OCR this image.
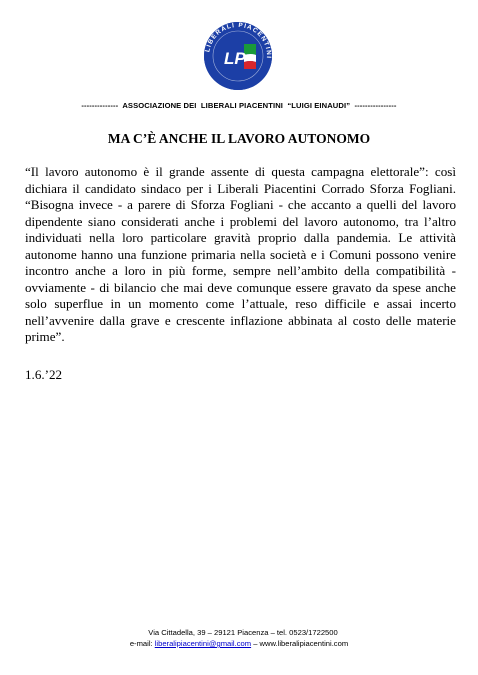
LIBERALI PIACENTINI
LP
--------------  ASSOCIAZIONE DEI  LIBERALI PIACENTINI  “LUIGI EINAUDI”  ----------------
MA C’È ANCHE IL LAVORO AUTONOMO

“Il lavoro autonomo è il grande assente di questa campagna elettorale”: così dichiara il candidato sindaco per i Liberali Piacentini Corrado Sforza Fogliani. “Bisogna invece - a parere di Sforza Fogliani - che accanto a quelli del lavoro dipendente siano considerati anche i problemi del lavoro autonomo, tra l’altro individuati nella loro particolare gravità proprio dalla pandemia. Le attività autonome hanno una funzione primaria nella società e i Comuni possono venire incontro anche a loro in più forme, sempre nell’ambito della compatibilità - ovviamente - di bilancio che mai deve comunque essere gravato da spese anche solo superflue in un momento come l’attuale, reso difficile e assai incerto nell’avvenire dalla grave e crescente inflazione abbinata al costo delle materie prime”.

1.6.’22
Via Cittadella, 39 – 29121 Piacenza – tel. 0523/1722500
e-mail: liberalipiacentini@gmail.com – www.liberalipiacentini.com
